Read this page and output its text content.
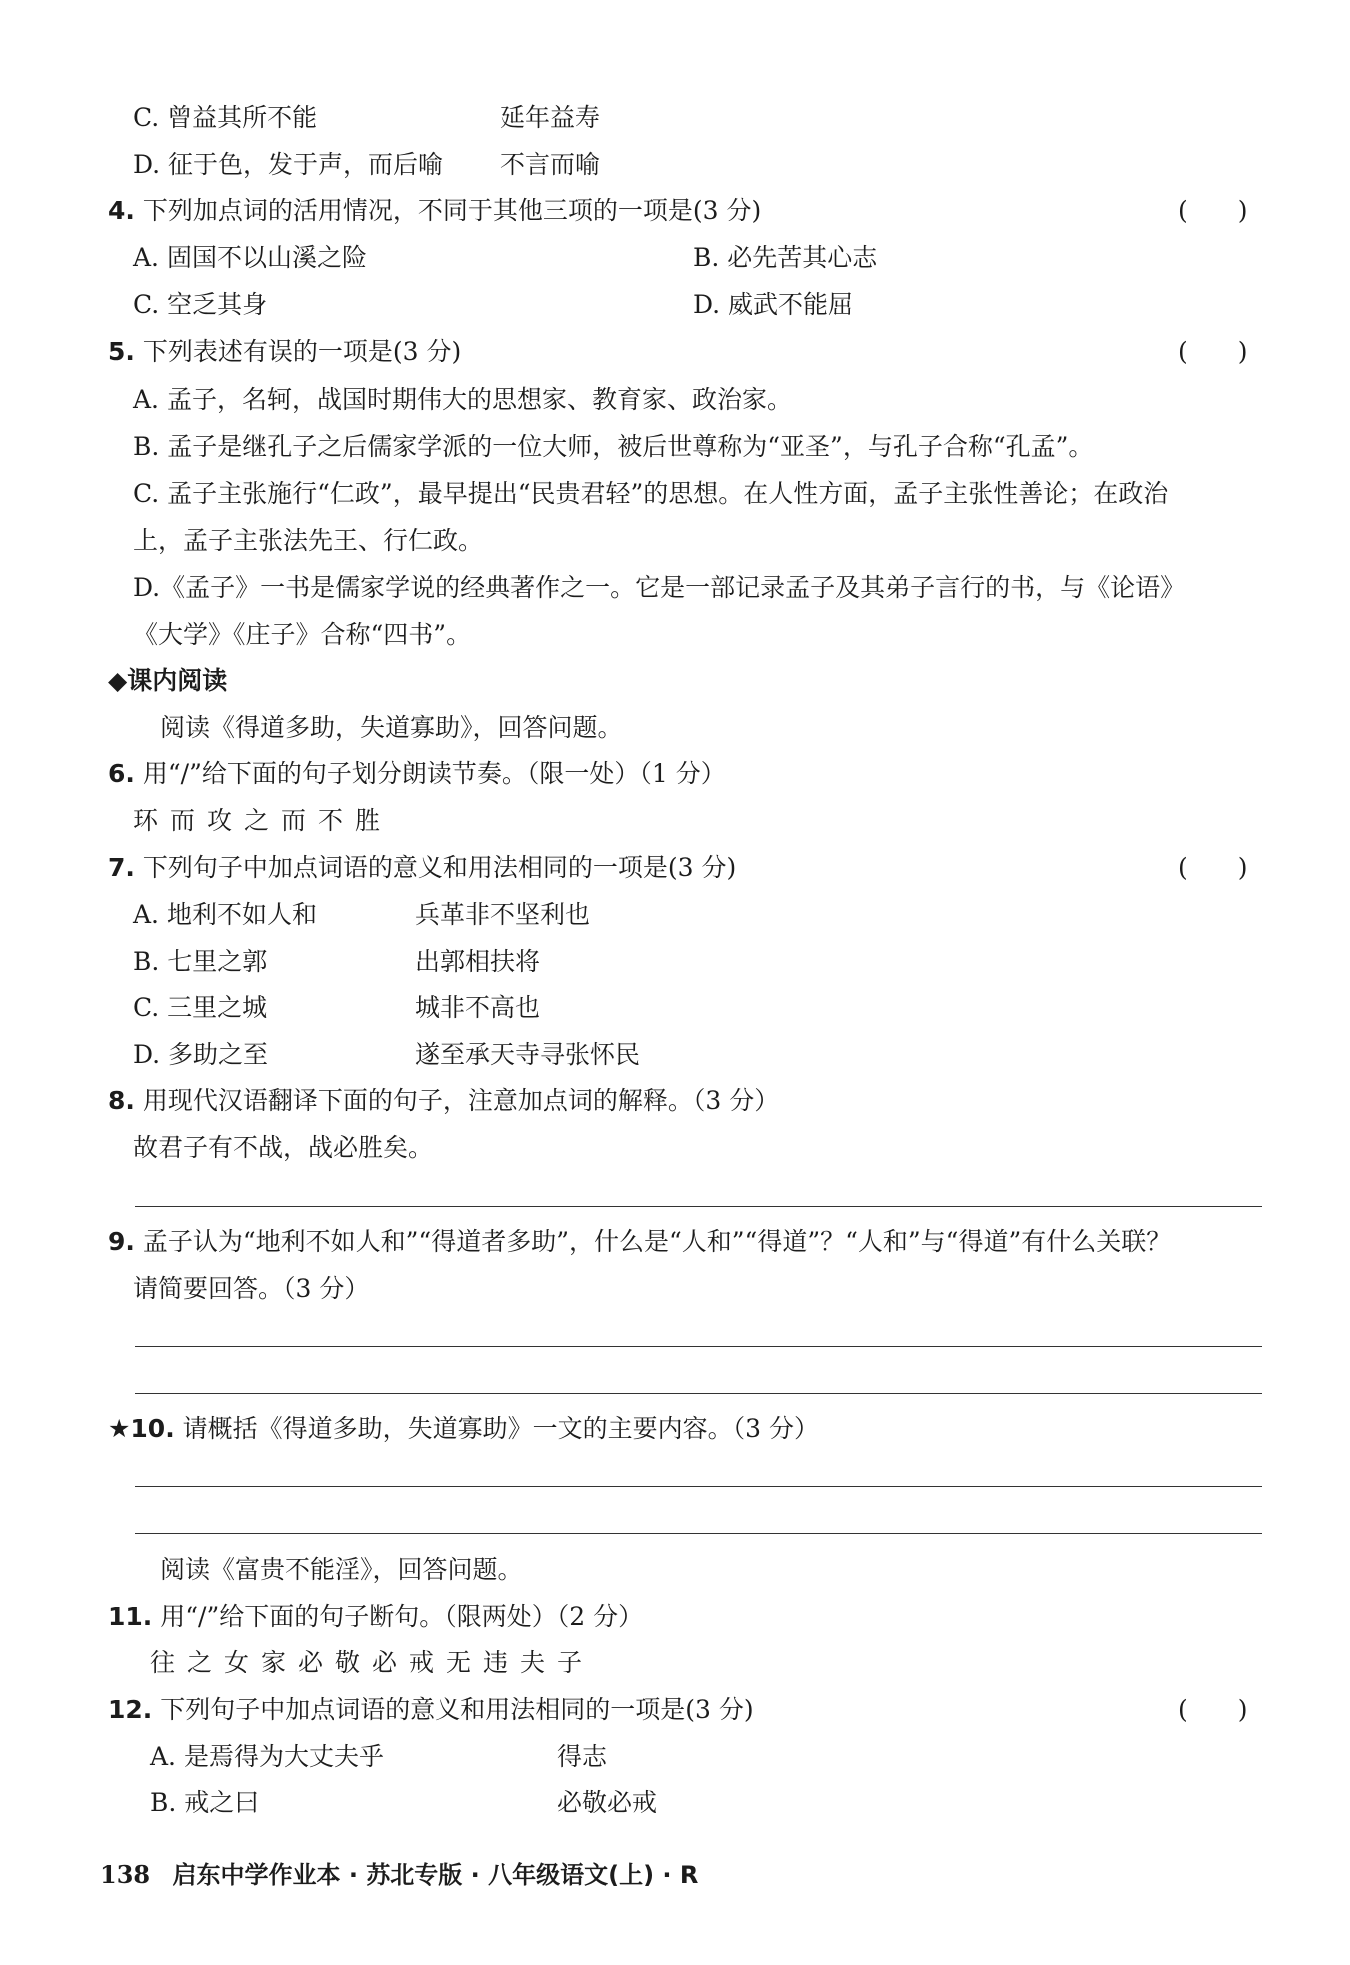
C. 曾益其所不能	延年益寿
D. 征于色，发于声，而后喻 不言而喻
4. 下列加点词的活用情况，不同于其他三项的一项是(3 分)	(　　)
A. 固国不以山溪之险	B. 必先苦其心志
C. 空乏其身	D. 威武不能屈
5. 下列表述有误的一项是(3 分)	(　　)
A. 孟子，名轲，战国时期伟大的思想家、教育家、政治家。
B. 孟子是继孔子之后儒家学派的一位大师，被后世尊称为“亚圣”，与孔子合称“孔孟”。
C. 孟子主张施行“仁政”，最早提出“民贵君轻”的思想。在人性方面，孟子主张性善论；在政治
上，孟子主张法先王、行仁政。
D.《孟子》一书是儒家学说的经典著作之一。它是一部记录孟子及其弟子言行的书，与《论语》
《大学》《庄子》合称“四书”。
◆课内阅读
阅读《得道多助，失道寡助》，回答问题。
6. 用“/”给下面的句子划分朗读节奏。（限一处）（1 分）
环而攻之而不胜
7. 下列句子中加点词语的意义和用法相同的一项是(3 分)	(　　)
A. 地利不如人和	兵革非不坚利也
B. 七里之郭	出郭相扶将
C. 三里之城	城非不高也
D. 多助之至	遂至承天寺寻张怀民
8. 用现代汉语翻译下面的句子，注意加点词的解释。（3 分）
故君子有不战，战必胜矣。
9. 孟子认为“地利不如人和”“得道者多助”，什么是“人和”“得道”？“人和”与“得道”有什么关联？
请简要回答。（3 分）
★10. 请概括《得道多助，失道寡助》一文的主要内容。（3 分）
阅读《富贵不能淫》，回答问题。
11. 用“/”给下面的句子断句。（限两处）（2 分）
往之女家必敬必戒无违夫子
12. 下列句子中加点词语的意义和用法相同的一项是(3 分)	(　　)
A. 是焉得为大丈夫乎	得志
B. 戒之曰	必敬必戒
138 启东中学作业本 · 苏北专版 · 八年级语文(上) · R
